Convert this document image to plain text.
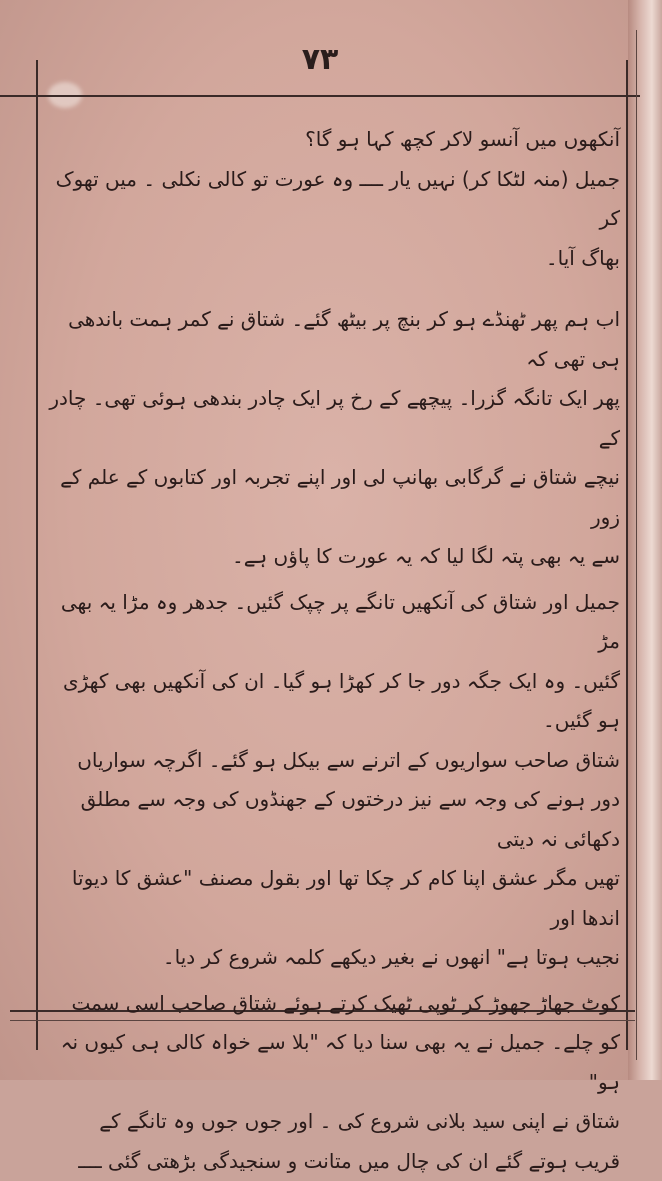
۷۳

آنکھوں میں آنسو لاکر کچھ کہا ہو گا؟

جمیل (منہ لٹکا کر) نہیں یار ــــ وہ عورت تو کالی نکلی ۔ میں تھوک کر

بھاگ آیا۔

اب ہم پھر ٹھنڈے ہو کر بنچ پر بیٹھ گئے۔ شتاق نے کمر ہمت باندھی ہی تھی کہ

پھر ایک تانگہ گزرا۔ پیچھے کے رخ پر ایک چادر بندھی ہوئی تھی۔ چادر کے

نیچے شتاق نے گرگابی بھانپ لی اور اپنے تجربہ اور کتابوں کے علم کے زور

سے یہ بھی پتہ لگا لیا کہ یہ عورت کا پاؤں ہے۔

جمیل اور شتاق کی آنکھیں تانگے پر چپک گئیں۔ جدھر وہ مڑا یہ بھی مڑ

گئیں۔ وہ ایک جگہ دور جا کر کھڑا ہو گیا۔ ان کی آنکھیں بھی کھڑی ہو گئیں۔

شتاق صاحب سواریوں کے اترنے سے بیکل ہو گئے۔ اگرچہ سواریاں

دور ہونے کی وجہ سے نیز درختوں کے جھنڈوں کی وجہ سے مطلق دکھائی نہ دیتی

تھیں مگر عشق اپنا کام کر چکا تھا اور بقول مصنف "عشق کا دیوتا اندھا اور

نجیب ہوتا ہے" انھوں نے بغیر دیکھے کلمہ شروع کر دیا۔

کوٹ جھاڑ جھوڑ کر ٹوپی ٹھیک کرتے ہوئے شتاق صاحب اسی سمت

کو چلے۔ جمیل نے یہ بھی سنا دیا کہ "بلا سے خواہ کالی ہی کیوں نہ ہو"

شتاق نے اپنی سید بلانی شروع کی ۔ اور جوں جوں وہ تانگے کے

قریب ہوتے گئے ان کی چال میں متانت و سنجیدگی بڑھتی گئی ــــ
